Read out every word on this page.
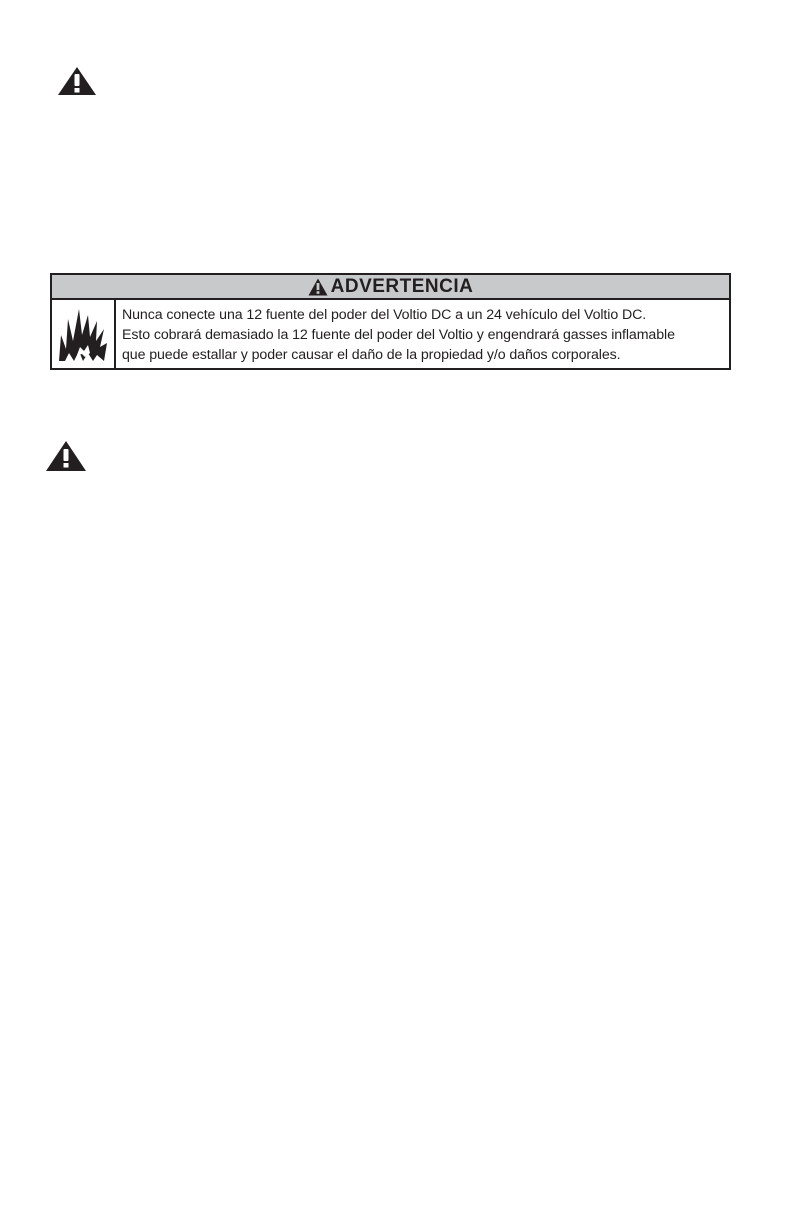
ADVERTENCIA
Nunca conecte una 12 fuente del poder del Voltio DC a un 24 vehículo del Voltio DC.
Esto cobrará demasiado la 12 fuente del poder del Voltio y engendrará gasses inflamable
que puede estallar y poder causar el daño de la propiedad y/o daños corporales.
